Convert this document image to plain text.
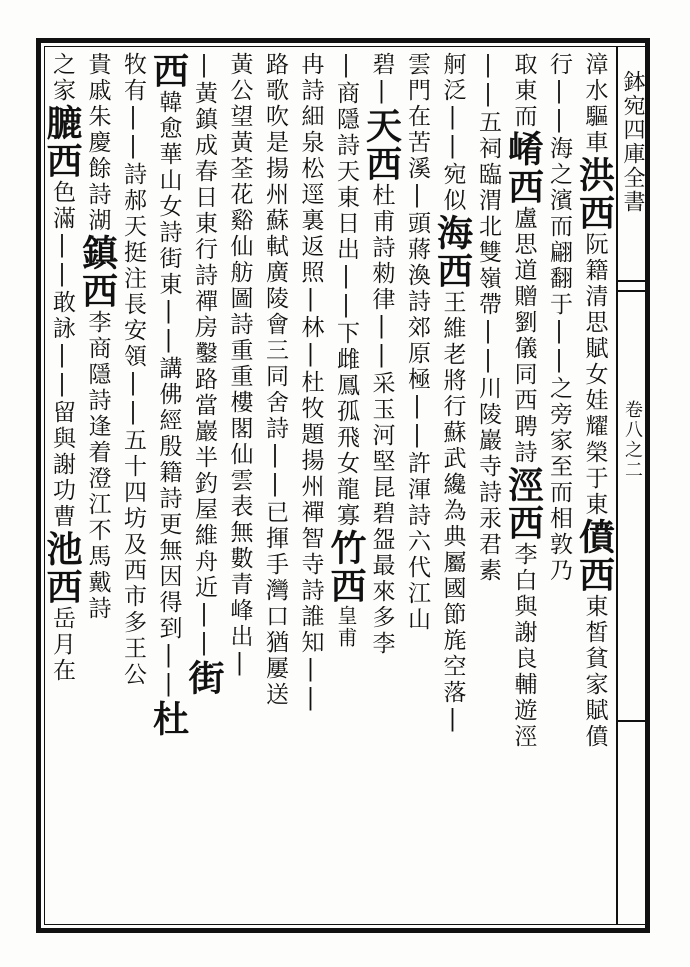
鉢宛四庫全書
卷八之二
漳水驅車洪西阮籍清思賦女娃耀榮于東僨西東皙貧家賦僨
行||海之濱而翩翻于||之旁家至而相敦乃
取東而崤西盧思道贈劉儀同西聘詩涇西李白與謝良輔遊涇
||五祠臨渭北雙嶺帶||川陵巖寺詩汞君素
舸泛||宛似海西王維老將行蘇武纔為典屬國節旄空落|
雲門在苦溪|頭蔣渙詩郊原極||許渾詩六代江山
碧|天西杜甫詩勑律||采玉河堅昆碧盌最來多李
|商隱詩天東日出||下雌鳳孤飛女龍寡竹西皇甫
冉詩細泉松逕裏返照|林|杜牧題揚州禪智寺詩誰知||
路歌吹是揚州蘇軾廣陵會三同舍詩||已揮手灣口猶屢送
黃公望黃荃花谿仙舫圖詩重重樓閣仙雲表無數青峰出|
|黃鎮成春日東行詩禪房鑿路當巖半釣屋維舟近||街
西韓愈華山女詩街東||講佛經殷籍詩更無因得到||杜
牧有||詩郝天挺注長安領||五十四坊及西市多王公
貴戚朱慶餘詩湖鎮西李商隱詩逢着澄江不馬戴詩
之家膔西色滿||敢詠||留與謝功曹池西岳月在
